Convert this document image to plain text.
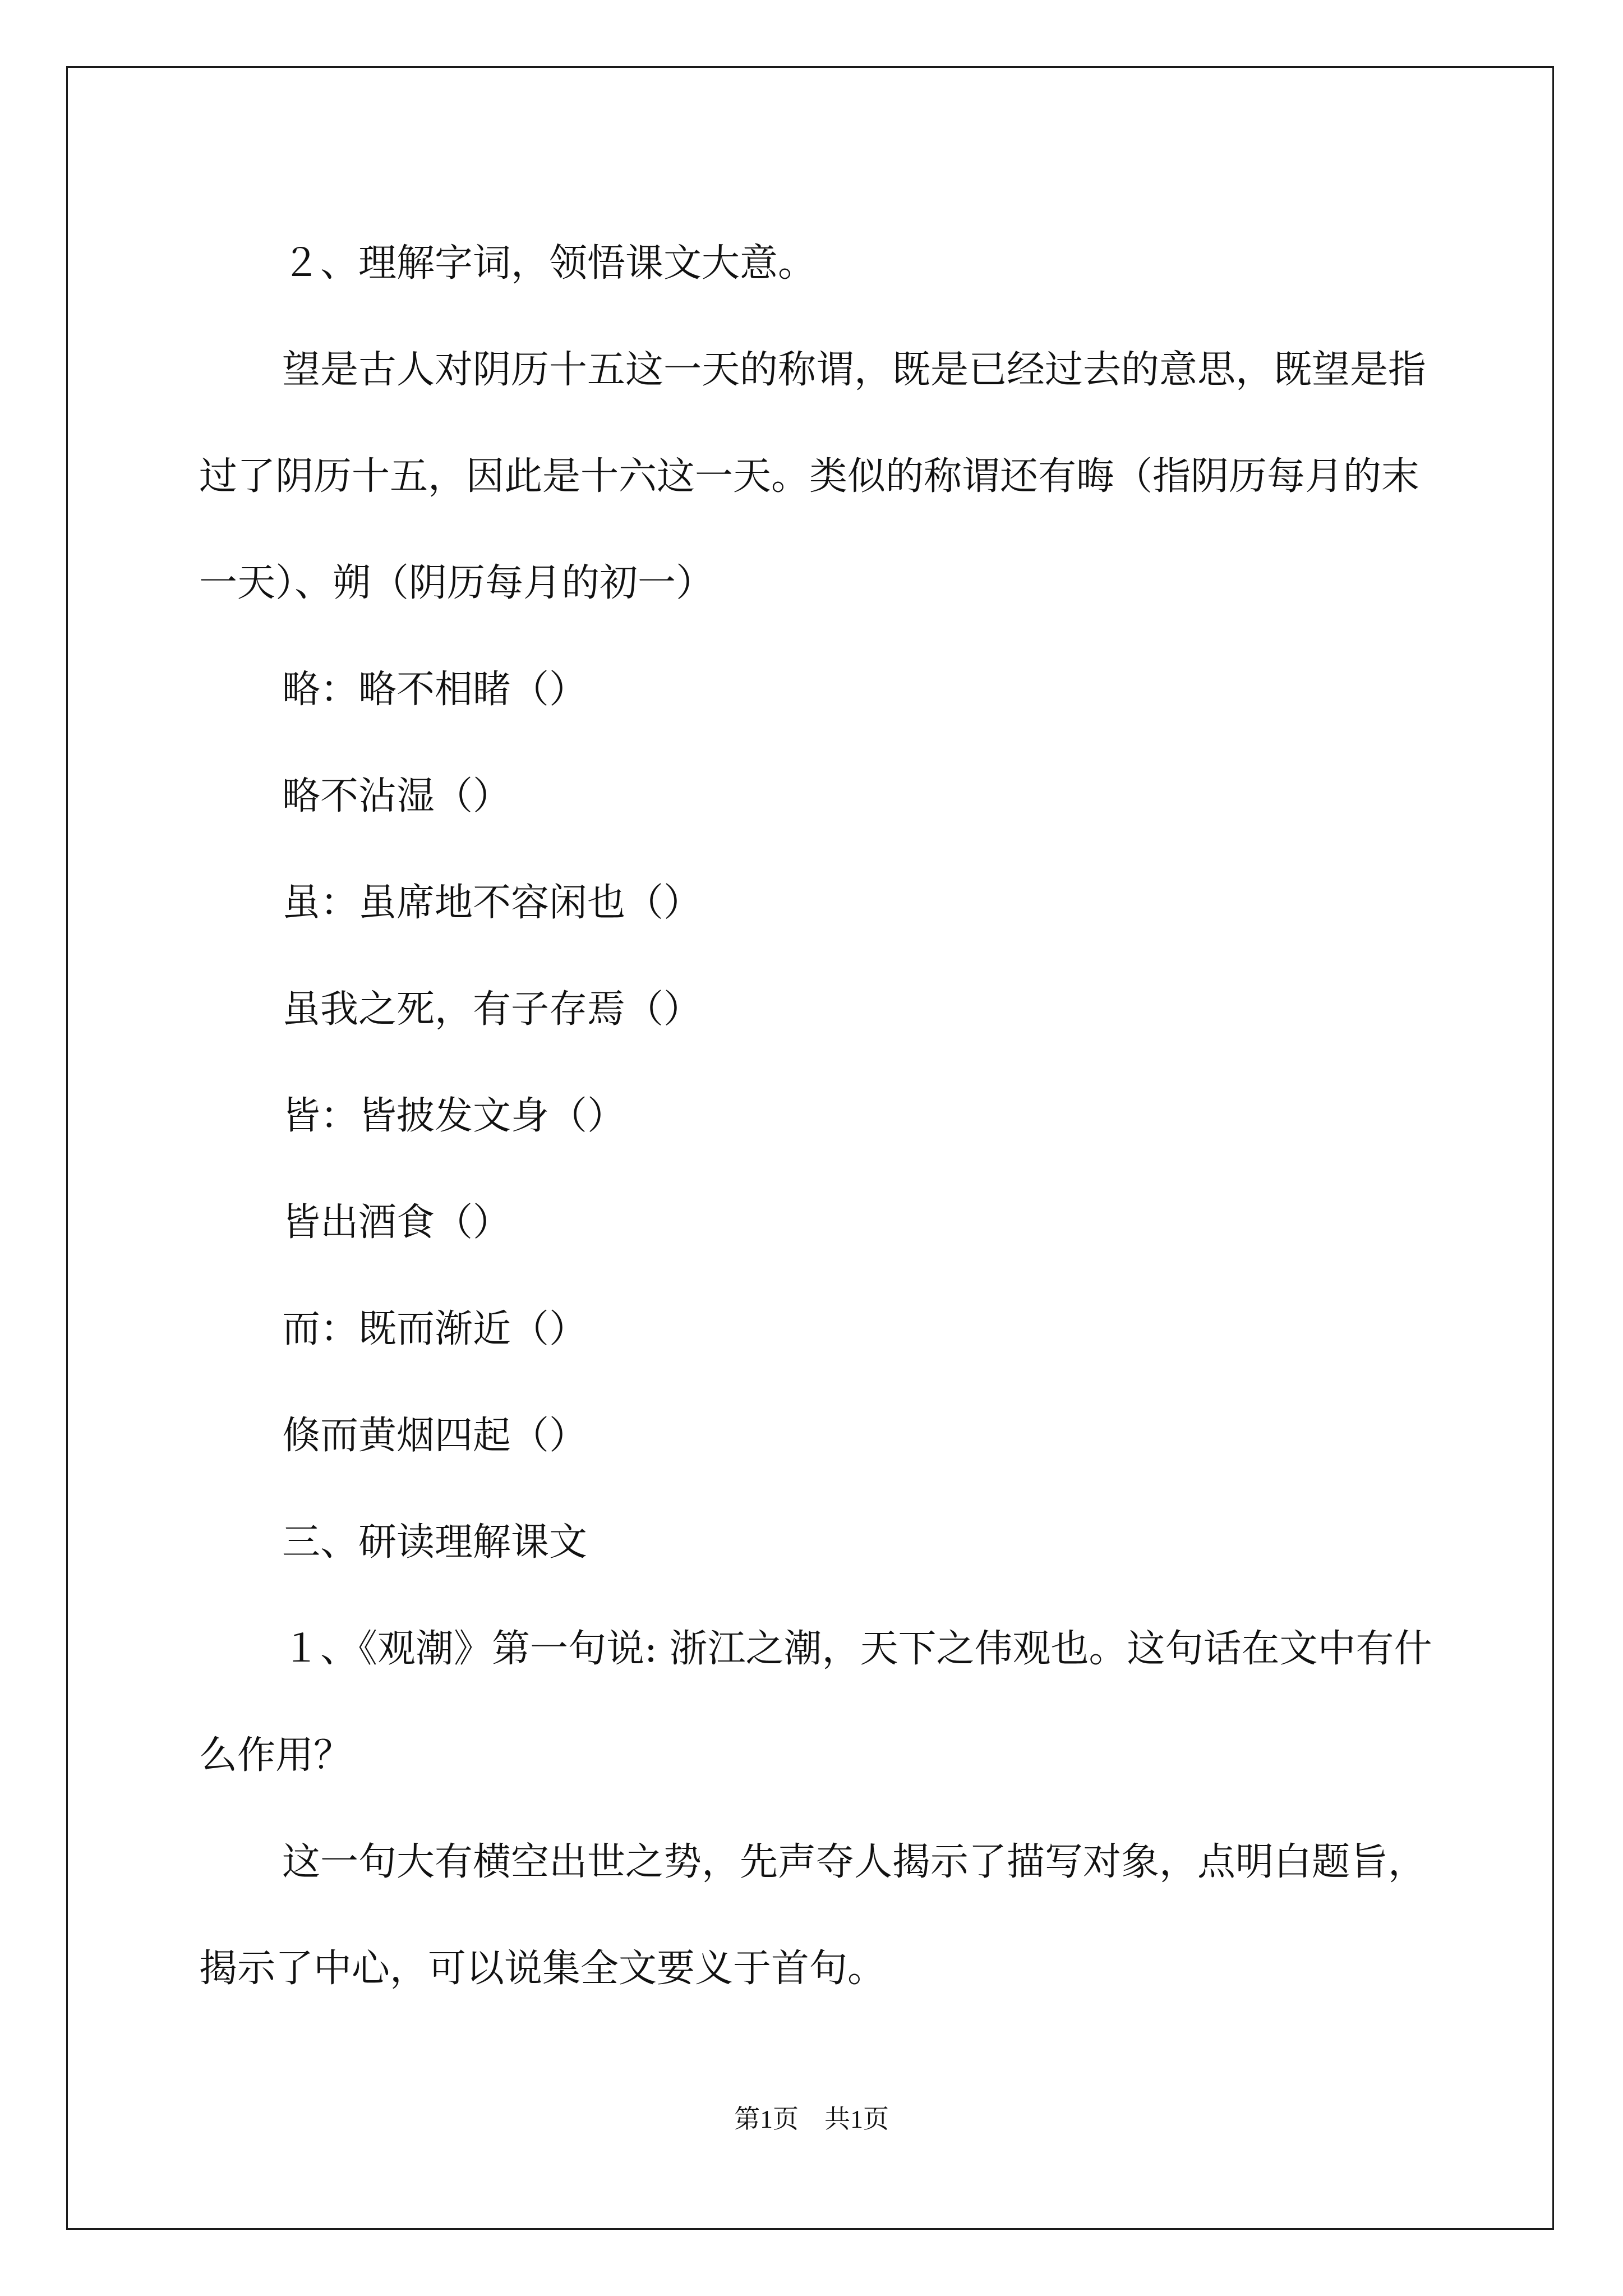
２、理解字词，领悟课文大意。

望是古人对阴历十五这一天的称谓，既是已经过去的意思，既望是指过了阴历十五，因此是十六这一天。类似的称谓还有晦（指阴历每月的末一天）、朔（阴历每月的初一）

略：略不相睹（）

略不沾湿（）

虽：虽席地不容闲也（）

虽我之死，有子存焉（）

皆：皆披发文身（）

皆出酒食（）

而：既而渐近（）

倏而黄烟四起（）

三、研读理解课文

１、《观潮》第一句说: 浙江之潮，天下之伟观也。这句话在文中有什么作用？

这一句大有横空出世之势，先声夺人揭示了描写对象，点明白题旨，揭示了中心，可以说集全文要义于首句。

第1页　共1页
